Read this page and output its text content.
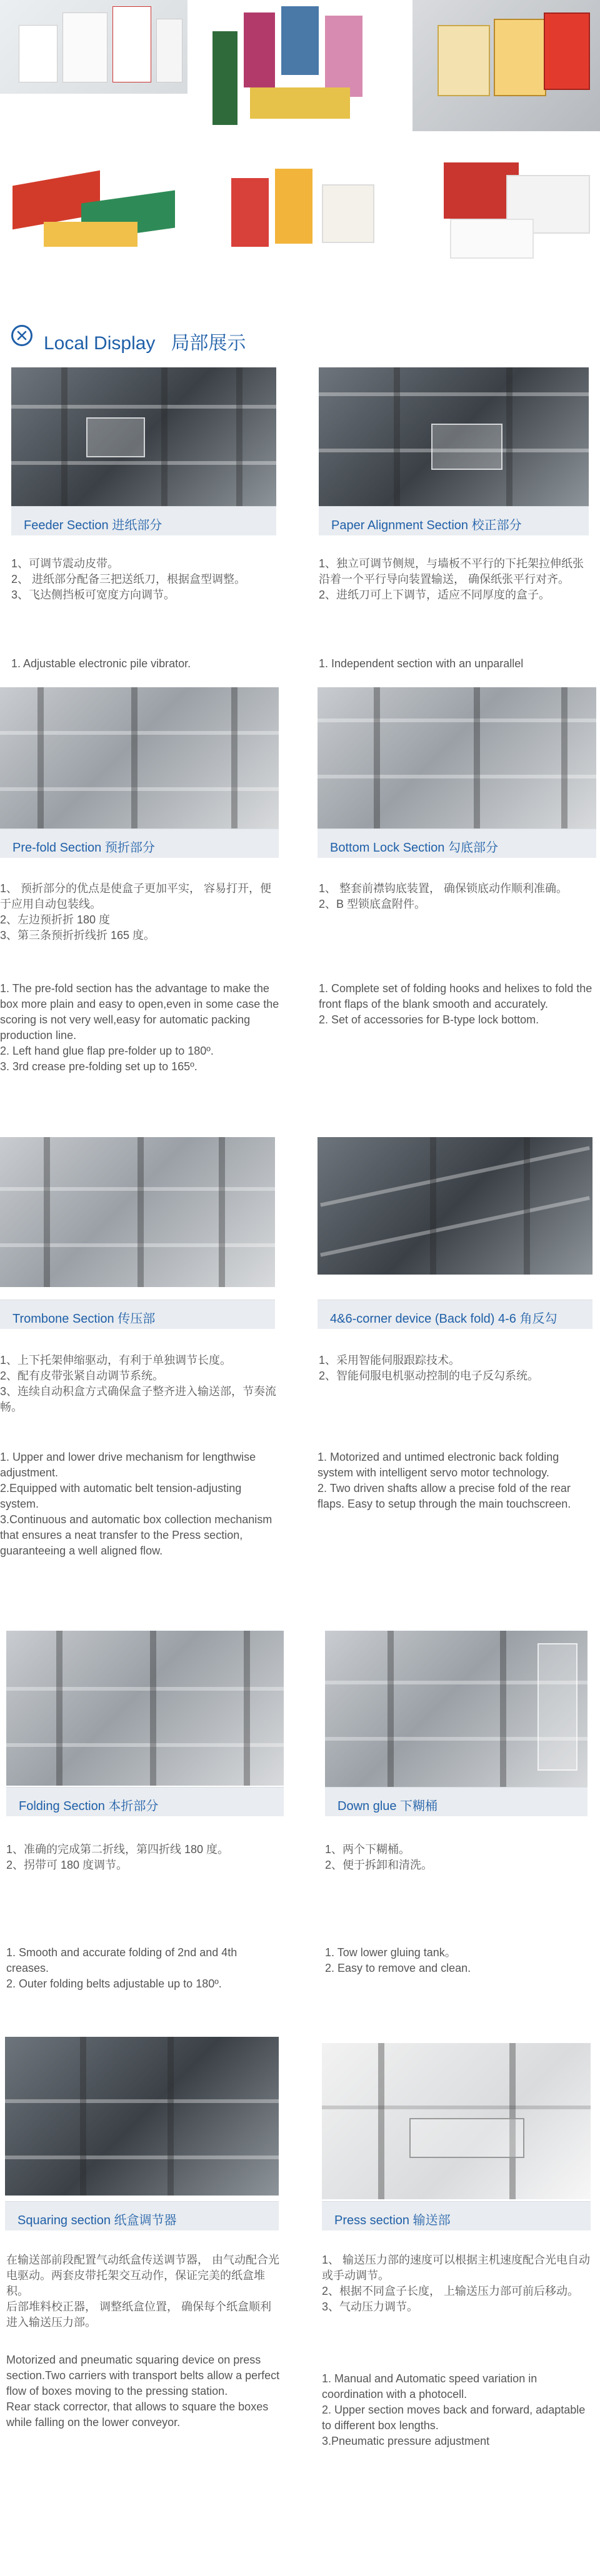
Local Display 局部展示
Feeder Section 进纸部分

1、可调节震动皮带。

2、 进纸部分配备三把送纸刀，根据盒型调整。

3、飞达侧挡板可宽度方向调节。

1. Adjustable electronic pile vibrator.

Paper Alignment Section 校正部分

1、独立可调节侧规，与墙板不平行的下托架拉伸纸张沿着一个平行导向装置输送， 确保纸张平行对齐。

2、进纸刀可上下调节，适应不同厚度的盒子。

1. Independent section with an unparallel

Pre-fold Section 预折部分

1、 预折部分的优点是使盒子更加平实， 容易打开，便于应用自动包装线。

2、左边预折折 180 度

3、第三条预折折线折 165 度。

1. The pre-fold section has the advantage to make the box more plain and easy to open,even in some case the scoring is not very well,easy for automatic packing production line.

2. Left hand glue flap pre-folder up to 180º.

3. 3rd crease pre-folding set up to 165º.

Bottom Lock Section 勾底部分

1、 整套前襟钩底装置， 确保锁底动作顺利准确。

2、B 型锁底盒附件。

1. Complete set of folding hooks and helixes to fold the front flaps of the blank smooth and accurately.

2. Set of accessories for B-type lock bottom.

Trombone Section 传压部

1、上下托架伸缩驱动，有利于单独调节长度。

2、配有皮带张紧自动调节系统。

3、连续自动积盒方式确保盒子整齐进入输送部，节奏流畅。

1. Upper and lower drive mechanism for lengthwise adjustment.

2.Equipped with automatic belt tension-adjusting system.

3.Continuous and automatic box collection mechanism that ensures a neat transfer to the Press section, guaranteeing a well aligned flow.

4&6-corner device (Back fold) 4-6 角反勾

1、采用智能伺服跟踪技术。

2、智能伺服电机驱动控制的电子反勾系统。

1. Motorized and untimed electronic back folding system with intelligent servo motor technology.

2. Two driven shafts allow a precise fold of the rear flaps. Easy to setup through the main touchscreen.

Folding Section 本折部分

1、准确的完成第二折线，第四折线 180 度。

2、拐带可 180 度调节。

1. Smooth and accurate folding of 2nd and 4th creases.

2. Outer folding belts adjustable up to 180º.

Down glue 下糊桶

1、两个下糊桶。

2、便于拆卸和清洗。

1. Tow lower gluing tank。

2. Easy to remove and clean.

Squaring section 纸盒调节器

在输送部前段配置气动纸盒传送调节器， 由气动配合光电驱动。两套皮带托架交互动作，保证完美的纸盒堆积。

后部堆料校正器， 调整纸盒位置， 确保每个纸盒顺利进入输送压力部。

Motorized and pneumatic squaring device on press section.Two carriers with transport belts allow a perfect flow of boxes moving to the pressing station.

Rear stack corrector, that allows to square the boxes while falling on the lower conveyor.

Press section 输送部

1、 输送压力部的速度可以根据主机速度配合光电自动或手动调节。

2、根据不同盒子长度， 上输送压力部可前后移动。

3、气动压力调节。

1. Manual and Automatic speed variation in coordination with a photocell.

2. Upper section moves back and forward, adaptable to different box lengths.

3.Pneumatic pressure adjustment
